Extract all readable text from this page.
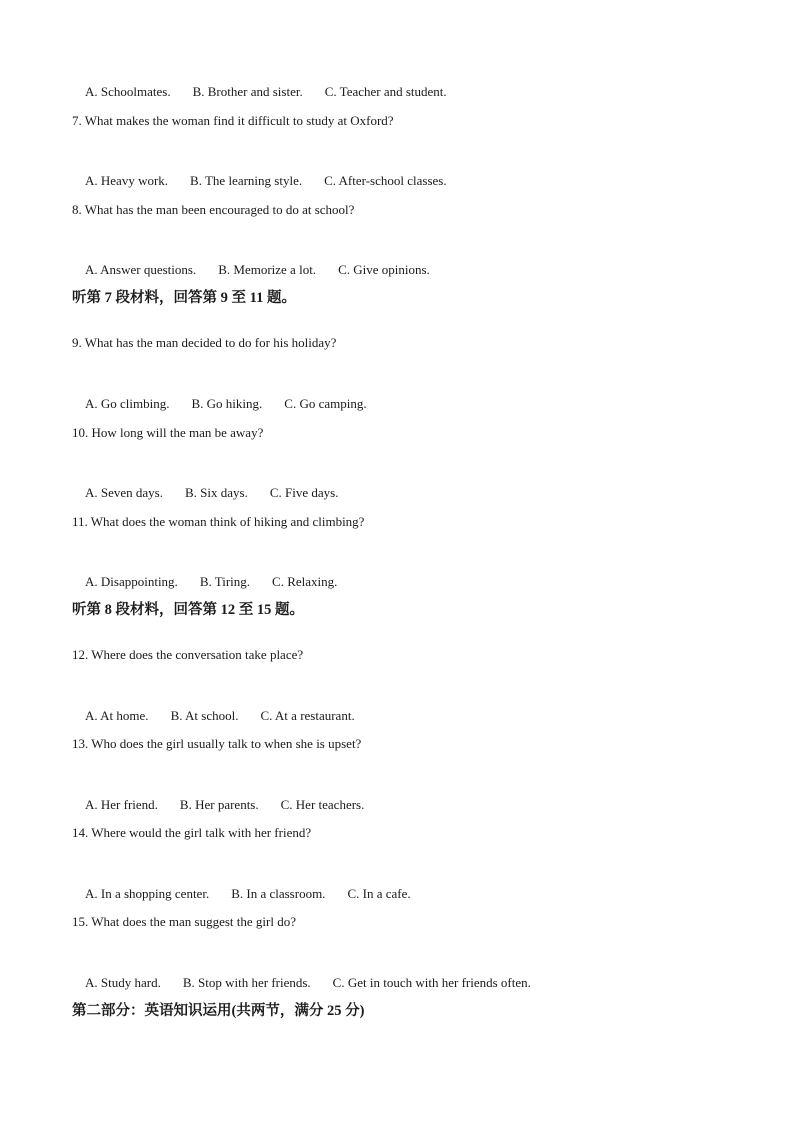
A. Schoolmates. B. Brother and sister. C. Teacher and student.

7. What makes the woman find it difficult to study at Oxford?

A. Heavy work. B. The learning style. C. After-school classes.

8. What has the man been encouraged to do at school?

A. Answer questions. B. Memorize a lot. C. Give opinions.

听第 7 段材料，回答第 9 至 11 题。
9. What has the man decided to do for his holiday?

A. Go climbing. B. Go hiking. C. Go camping.

10. How long will the man be away?

A. Seven days. B. Six days. C. Five days.

11. What does the woman think of hiking and climbing?

A. Disappointing. B. Tiring. C. Relaxing.

听第 8 段材料，回答第 12 至 15 题。
12. Where does the conversation take place?

A. At home. B. At school. C. At a restaurant.

13. Who does the girl usually talk to when she is upset?

A. Her friend. B. Her parents. C. Her teachers.

14. Where would the girl talk with her friend?

A. In a shopping center. B. In a classroom. C. In a cafe.

15. What does the man suggest the girl do?

A. Study hard. B. Stop with her friends. C. Get in touch with her friends often.

第二部分：英语知识运用(共两节，满分 25 分)
